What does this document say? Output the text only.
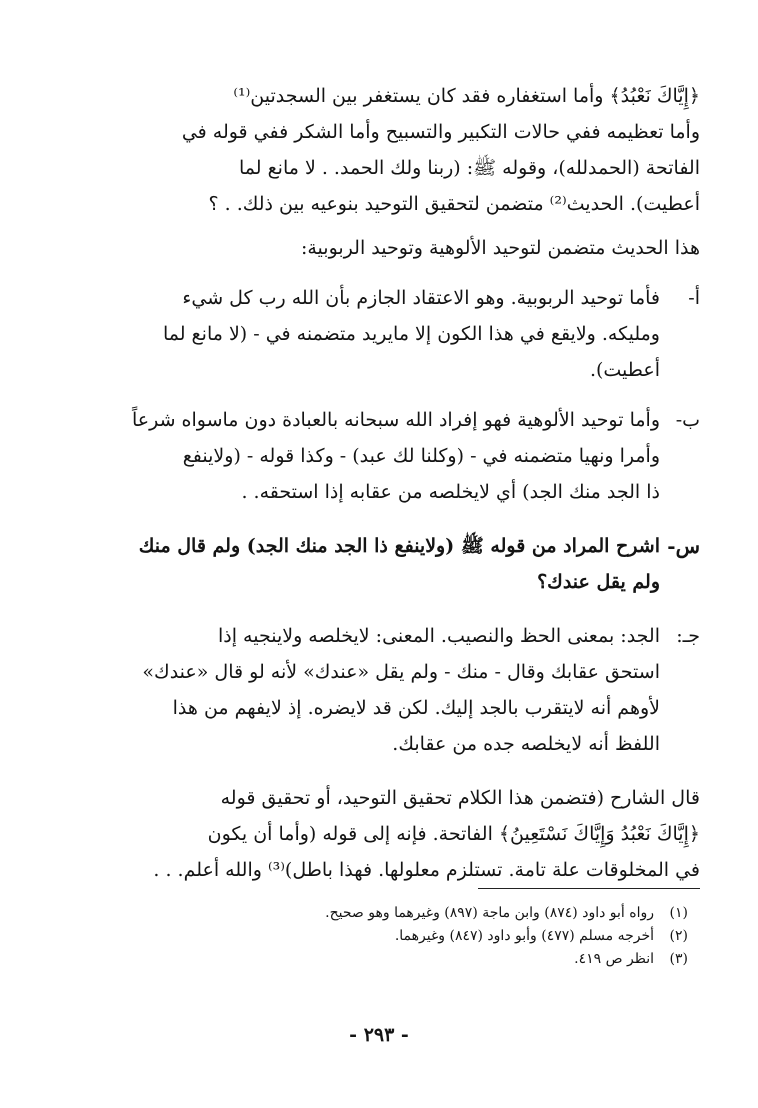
﴿إِيَّاكَ نَعْبُدُ﴾ وأما استغفاره فقد كان يستغفر بين السجدتين⁽¹⁾
وأما تعظيمه ففي حالات التكبير والتسبيح وأما الشكر ففي قوله في
الفاتحة (الحمدلله)، وقوله ﷺ: (ربنا ولك الحمد. . لا مانع لما
أعطيت). الحديث⁽²⁾ متضمن لتحقيق التوحيد بنوعيه بين ذلك. . ؟
هذا الحديث متضمن لتوحيد الألوهية وتوحيد الربوبية:
أ-
فأما توحيد الربوبية. وهو الاعتقاد الجازم بأن الله رب كل شيء
ومليكه. ولايقع في هذا الكون إلا مايريد متضمنه في - (لا مانع لما
أعطيت).
ب-
وأما توحيد الألوهية فهو إفراد الله سبحانه بالعبادة دون ماسواه شرعاً
وأمرا ونهيا متضمنه في - (وكلنا لك عبد) - وكذا قوله - (ولاينفع
ذا الجد منك الجد) أي لايخلصه من عقابه إذا استحقه. .
س-
اشرح المراد من قوله ﷺ (ولاينفع ذا الجد منك الجد) ولم قال منك
ولم يقل عندك؟
جـ:
الجد: بمعنى الحظ والنصيب. المعنى: لايخلصه ولاينجيه إذا
استحق عقابك وقال - منك - ولم يقل «عندك» لأنه لو قال «عندك»
لأوهم أنه لايتقرب بالجد إليك. لكن قد لايضره. إذ لايفهم من هذا
اللفظ أنه لايخلصه جده من عقابك.
قال الشارح (فتضمن هذا الكلام تحقيق التوحيد، أو تحقيق قوله
﴿إِيَّاكَ نَعْبُدُ وَإِيَّاكَ نَسْتَعِينُ﴾ الفاتحة. فإنه إلى قوله (وأما أن يكون
في المخلوقات علة تامة. تستلزم معلولها. فهذا باطل)⁽³⁾ والله أعلم. . .
(١)
رواه أبو داود (٨٧٤) وابن ماجة (٨٩٧) وغيرهما وهو صحيح.
(٢)
أخرجه مسلم (٤٧٧) وأبو داود (٨٤٧) وغيرهما.
(٣)
انظر ص ٤١٩.
- ٢٩٣ -
